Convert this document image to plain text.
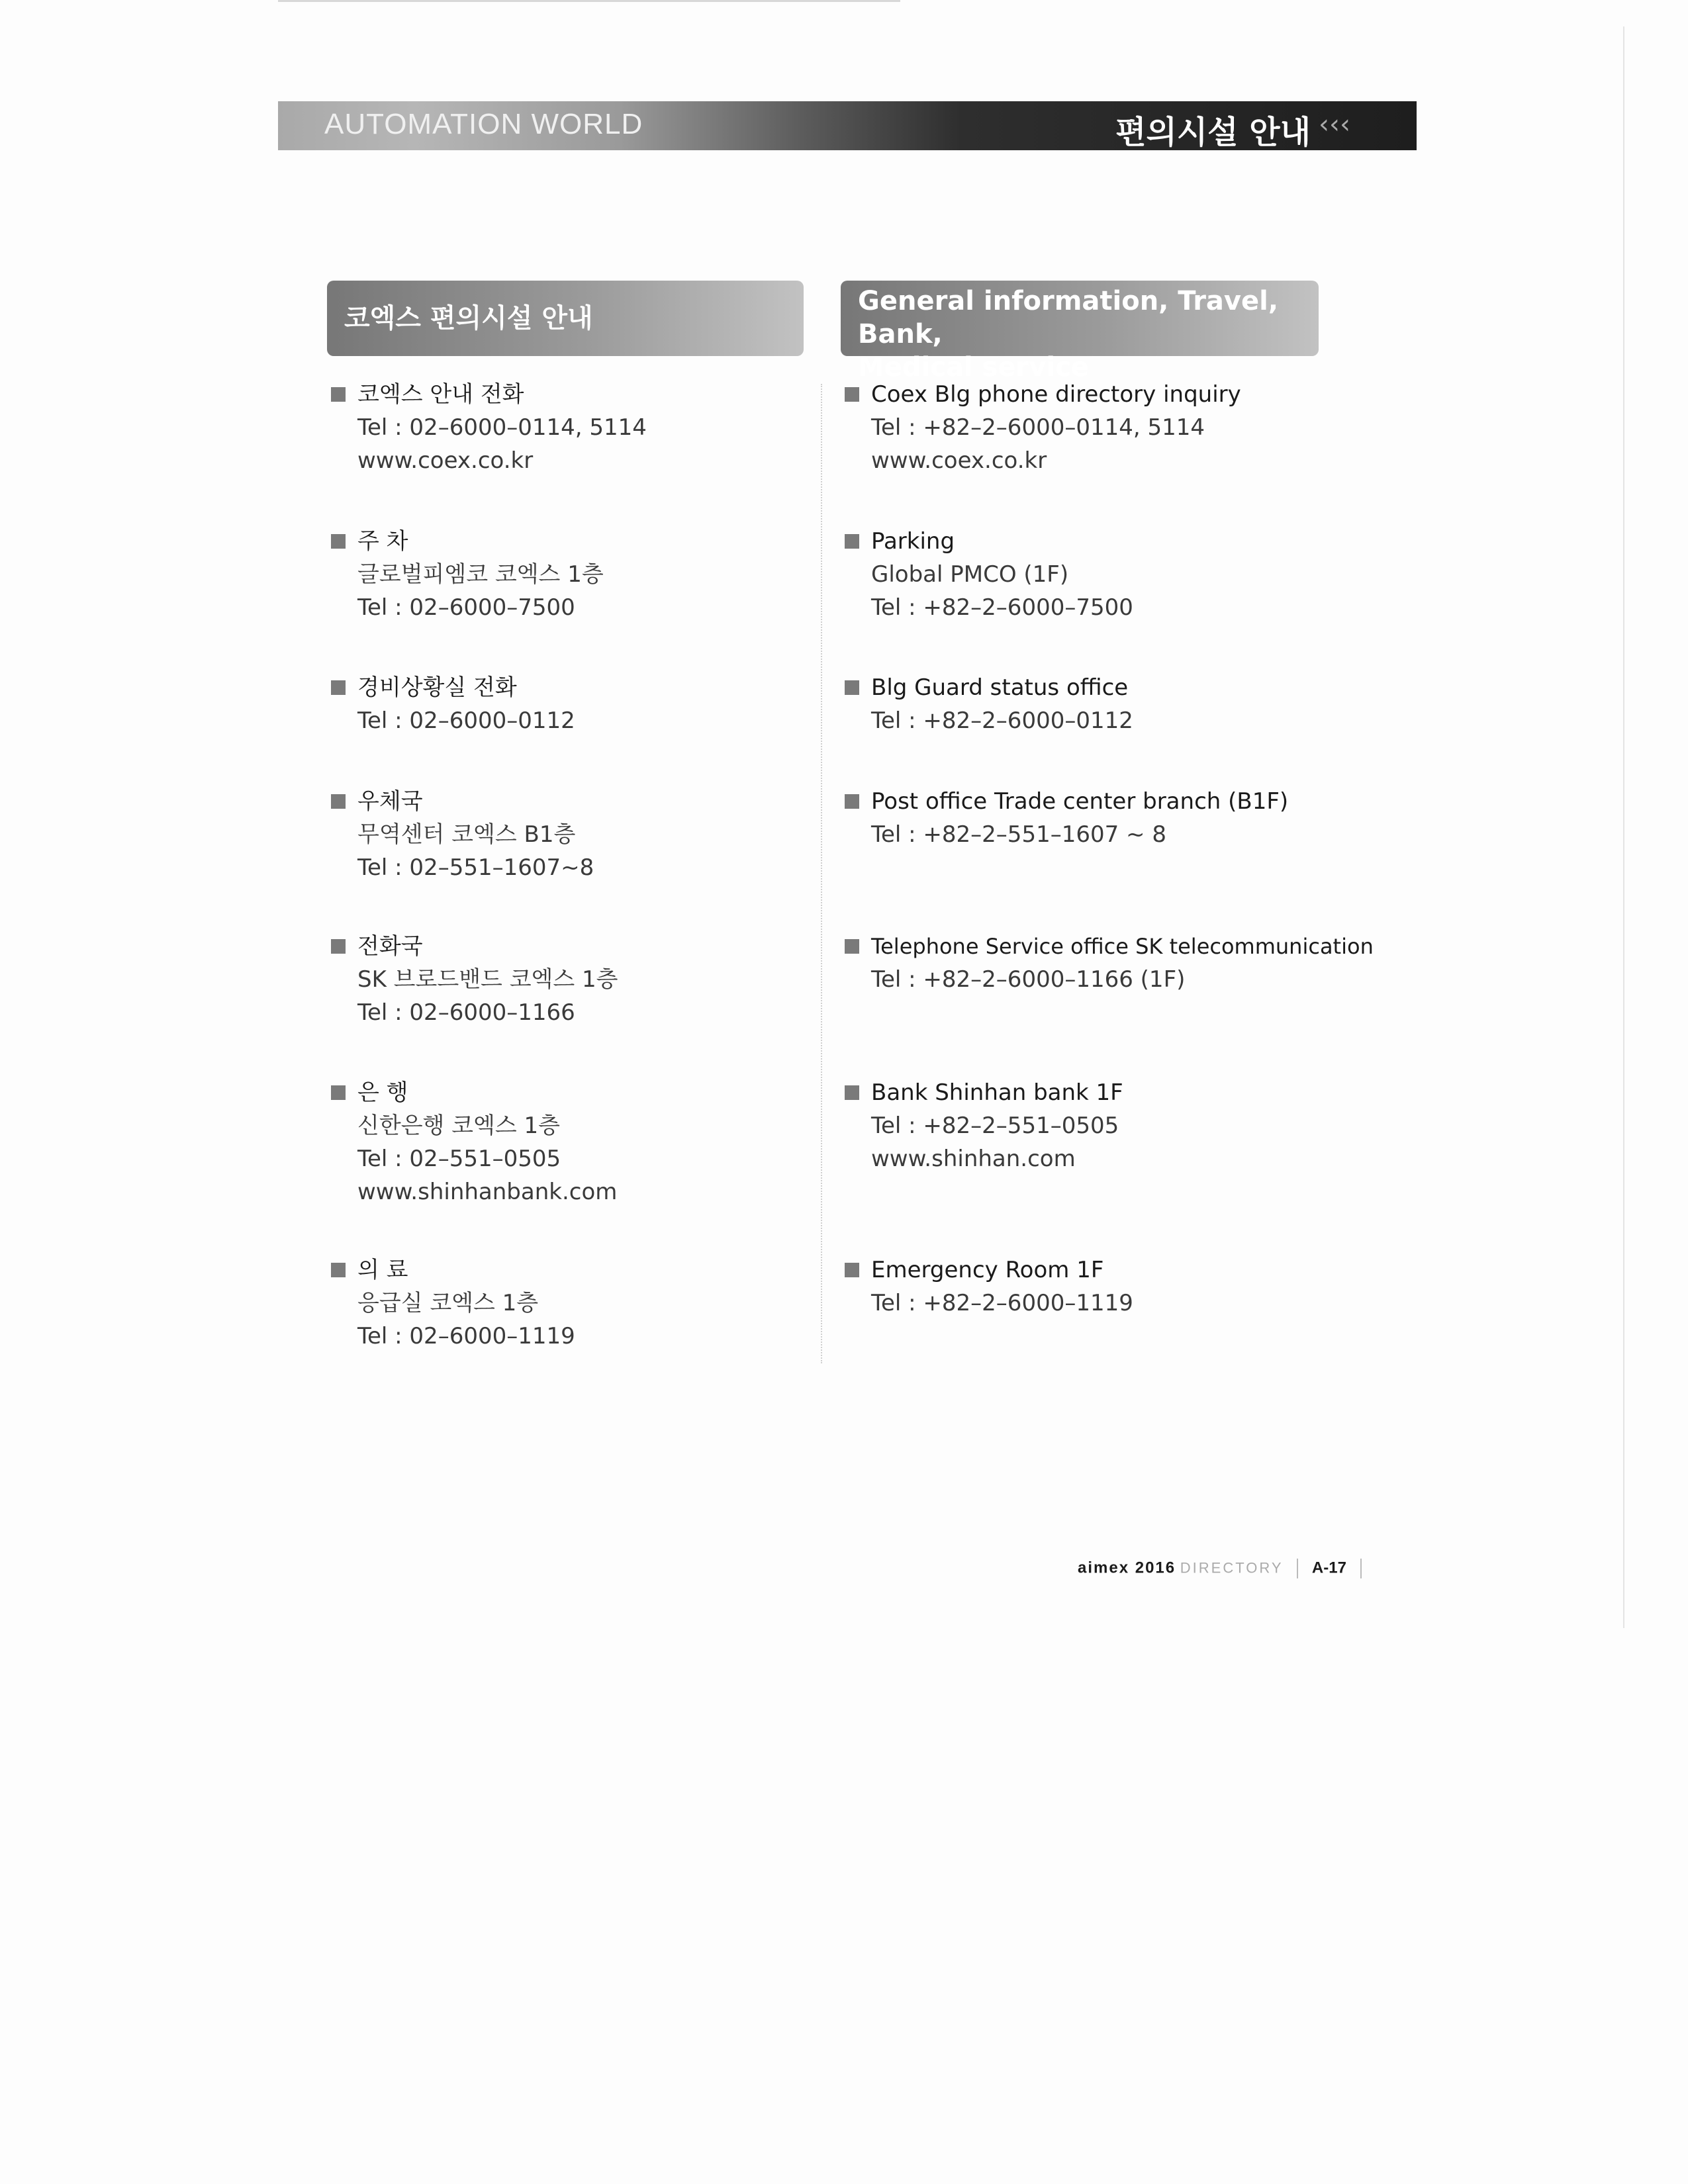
AUTOMATION WORLD	편의시설 안내 ‹‹‹
코엑스 편의시설 안내
General information, Travel, Bank,
Medical service
코엑스 안내 전화
Tel : 02–6000–0114, 5114
www.coex.co.kr
주 차
글로벌피엠코 코엑스 1층
Tel : 02–6000–7500
경비상황실 전화
Tel : 02–6000–0112
우체국
무역센터 코엑스 B1층
Tel : 02–551–1607~8
전화국
SK 브로드밴드 코엑스 1층
Tel : 02–6000–1166
은 행
신한은행 코엑스 1층
Tel : 02–551–0505
www.shinhanbank.com
의 료
응급실 코엑스 1층
Tel : 02–6000–1119
Coex Blg phone directory inquiry
Tel : +82–2–6000–0114, 5114
www.coex.co.kr
Parking
Global PMCO (1F)
Tel : +82–2–6000–7500
Blg Guard status office
Tel : +82–2–6000–0112
Post office Trade center branch (B1F)
Tel : +82–2–551–1607 ~ 8
Telephone Service office SK telecommunication
Tel : +82–2–6000–1166 (1F)
Bank Shinhan bank 1F
Tel : +82–2–551–0505
www.shinhan.com
Emergency Room 1F
Tel : +82–2–6000–1119
aimex 2016 DIRECTORY A-17
